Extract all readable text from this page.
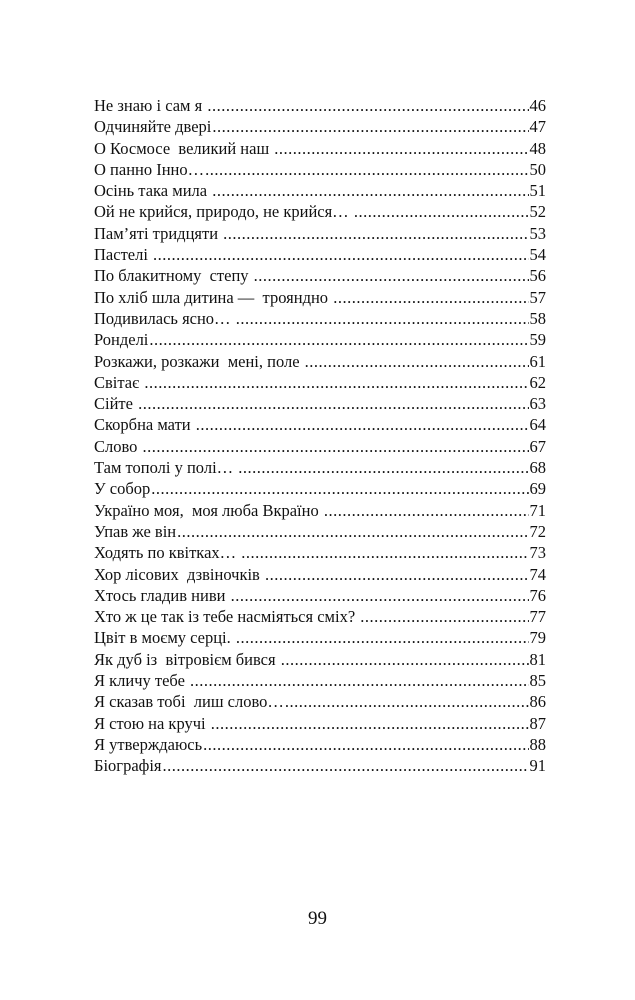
Не знаю і сам я .....	46
Одчиняйте двері .....	47
О Космосе  великий наш .....	48
О панно Інно… .....	50
Осінь така мила .....	51
Ой не крийся, природо, не крийся… .....	52
Пам’яті тридцяти .....	53
Пастелі .....	54
По блакитному  степу .....	56
По хліб шла дитина —  трояндно .....	57
Подивилась ясно… .....	58
Ронделі .....	59
Розкажи, розкажи  мені, поле .....	61
Світає .....	62
Сійте .....	63
Скорбна мати .....	64
Слово .....	67
Там тополі у полі… .....	68
У собор .....	69
Україно моя,  моя люба Вкраїно .....	71
Упав же він .....	72
Ходять по квітках… .....	73
Хор лісових  дзвіночків .....	74
Хтось гладив ниви .....	76
Хто ж це так із тебе насміяться сміх? .....	77
Цвіт в моєму серці. .....	79
Як дуб із  вітровієм бився .....	81
Я кличу тебе .....	85
Я сказав тобі  лиш слово… .....	86
Я стою на кручі .....	87
Я утверждаюсь .....	88
Біографія .....	91
99
